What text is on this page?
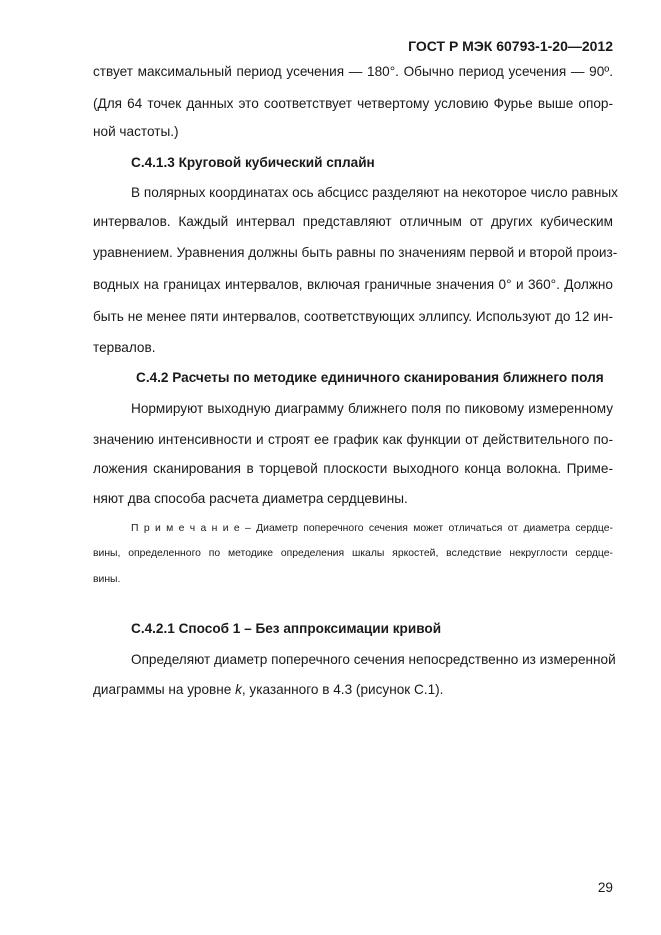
ГОСТ Р МЭК 60793-1-20—2012
ствует максимальный период усечения — 180°. Обычно период усечения — 90º.
(Для 64 точек данных это соответствует четвертому условию Фурье выше опор-
ной частоты.)
С.4.1.3 Круговой кубический сплайн
В полярных координатах ось абсцисс разделяют на некоторое число равных
интервалов. Каждый интервал представляют отличным от других кубическим
уравнением. Уравнения должны быть равны по значениям первой и второй произ-
водных на границах интервалов, включая граничные значения 0° и 360°. Должно
быть не менее пяти интервалов, соответствующих эллипсу. Используют до 12 ин-
тервалов.
С.4.2 Расчеты по методике единичного сканирования ближнего поля
Нормируют выходную диаграмму ближнего поля по пиковому измеренному
значению интенсивности и строят ее график как функции от действительного по-
ложения сканирования в торцевой плоскости выходного конца волокна. Приме-
няют два способа расчета диаметра сердцевины.
П р и м е ч а н и е – Диаметр поперечного сечения может отличаться от диаметра сердце-
вины, определенного по методике определения шкалы яркостей, вследствие некруглости сердце-
вины.
С.4.2.1 Способ 1 – Без аппроксимации кривой
Определяют диаметр поперечного сечения непосредственно из измеренной
диаграммы на уровне k, указанного в 4.3 (рисунок С.1).
29
